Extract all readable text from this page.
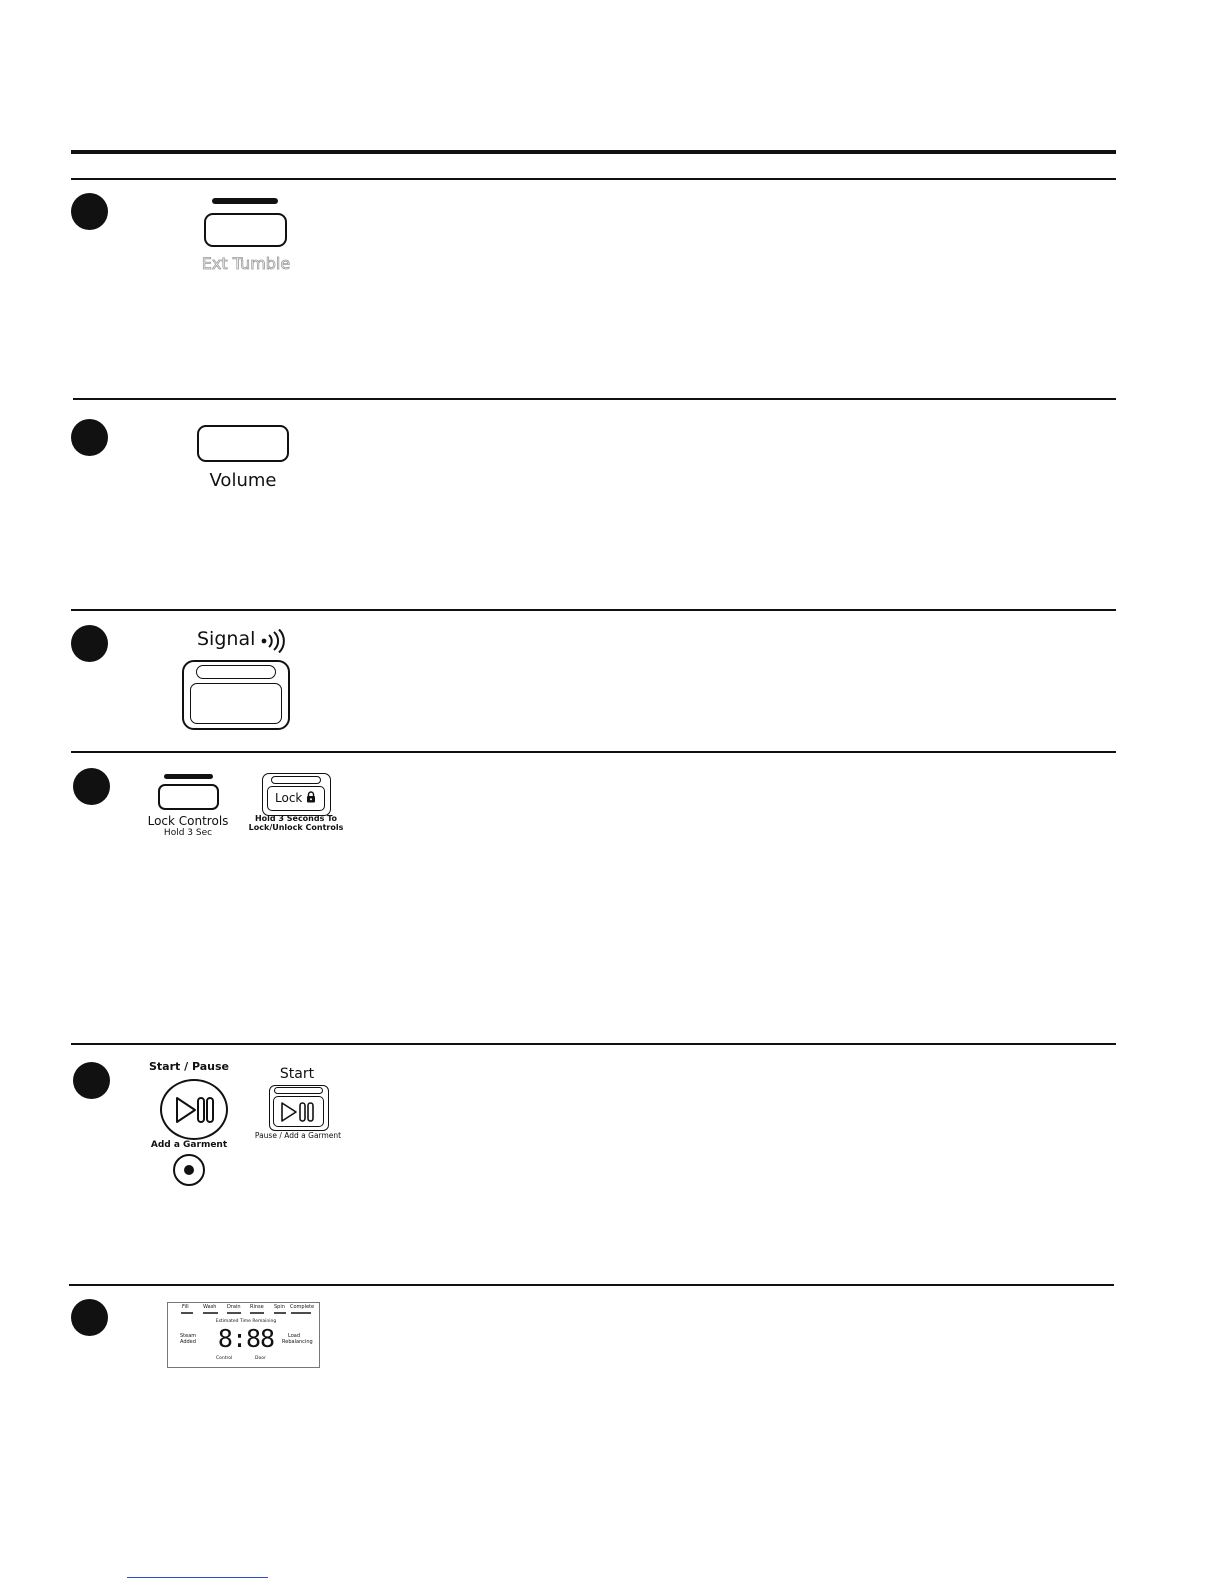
Ext Tumble
Volume
Signal
Lock Controls
Hold 3 Sec
Lock
Hold 3 Seconds To
Lock/Unlock Controls
Start / Pause
Add a Garment
Start
Pause / Add a Garment
Fill	Wash Drain Rinse Spin Complete
Estimated Time Remaining
8:88
Steam
Added
Load
Rebalancing
Control	Door
